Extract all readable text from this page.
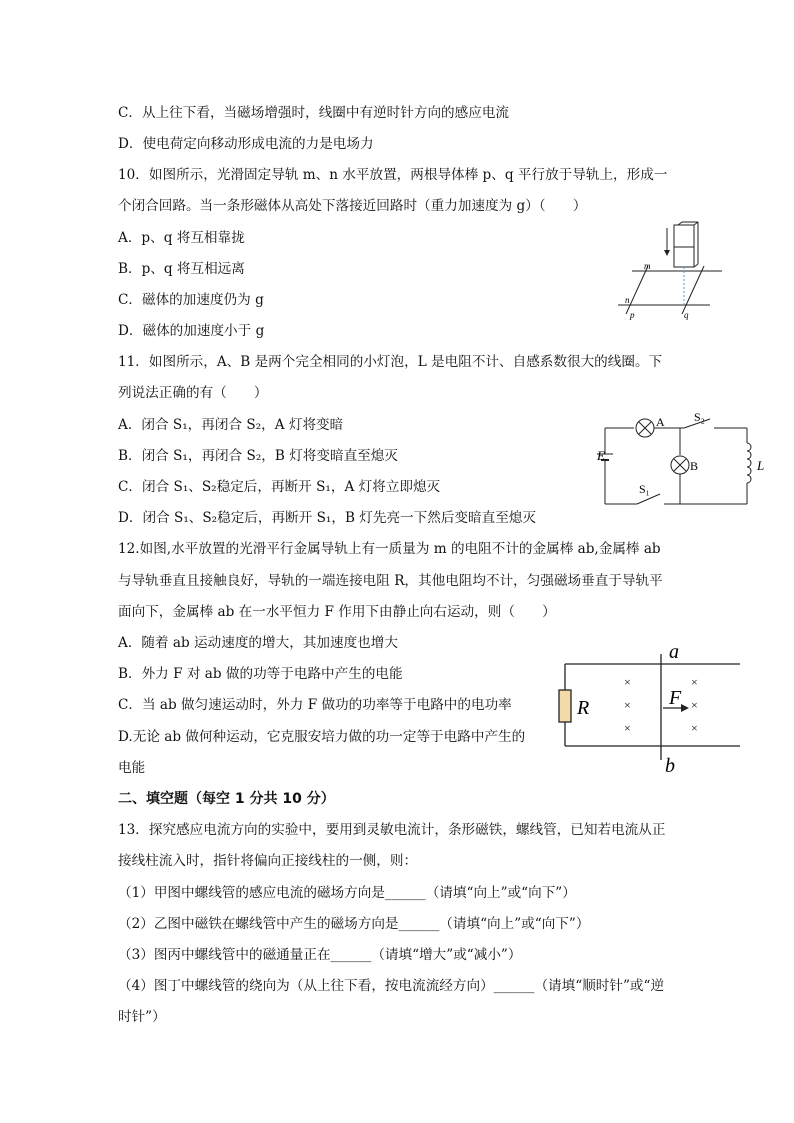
C．从上往下看，当磁场增强时，线圈中有逆时针方向的感应电流
D．使电荷定向移动形成电流的力是电场力
10．如图所示，光滑固定导轨 m、n 水平放置，两根导体棒 p、q 平行放于导轨上，形成一
个闭合回路。当一条形磁体从高处下落接近回路时（重力加速度为 g）（　　）
A．p、q 将互相靠拢
B．p、q 将互相远离
C．磁体的加速度仍为 g
D．磁体的加速度小于 g
11．如图所示，A、B 是两个完全相同的小灯泡，L 是电阻不计、自感系数很大的线圈。下
列说法正确的有（　　）
A．闭合 S₁，再闭合 S₂，A 灯将变暗
B．闭合 S₁，再闭合 S₂，B 灯将变暗直至熄灭
C．闭合 S₁、S₂稳定后，再断开 S₁，A 灯将立即熄灭
D．闭合 S₁、S₂稳定后，再断开 S₁，B 灯先亮一下然后变暗直至熄灭
12.如图,水平放置的光滑平行金属导轨上有一质量为 m 的电阻不计的金属棒 ab,金属棒 ab
与导轨垂直且接触良好，导轨的一端连接电阻 R，其他电阻均不计，匀强磁场垂直于导轨平
面向下，金属棒 ab 在一水平恒力 F 作用下由静止向右运动，则（　　）
A．随着 ab 运动速度的增大，其加速度也增大
B．外力 F 对 ab 做的功等于电路中产生的电能
C．当 ab 做匀速运动时，外力 F 做功的功率等于电路中的电功率
D.无论 ab 做何种运动，它克服安培力做的功一定等于电路中产生的
电能
二、填空题（每空 1 分共 10 分）
13．探究感应电流方向的实验中，要用到灵敏电流计，条形磁铁，螺线管，已知若电流从正
接线柱流入时，指针将偏向正接线柱的一侧，则：
（1）甲图中螺线管的感应电流的磁场方向是______（请填“向上”或“向下”）
（2）乙图中磁铁在螺线管中产生的磁场方向是______（请填“向上”或“向下”）
（3）图丙中螺线管中的磁通量正在______（请填“增大”或“减小”）
（4）图丁中螺线管的绕向为（从上往下看，按电流流经方向）______（请填“顺时针”或“逆
时针”）
m
n
p	q
A
B
S₂
S₁
E
L
R
a
b
F
×
×
×
×
×
×
